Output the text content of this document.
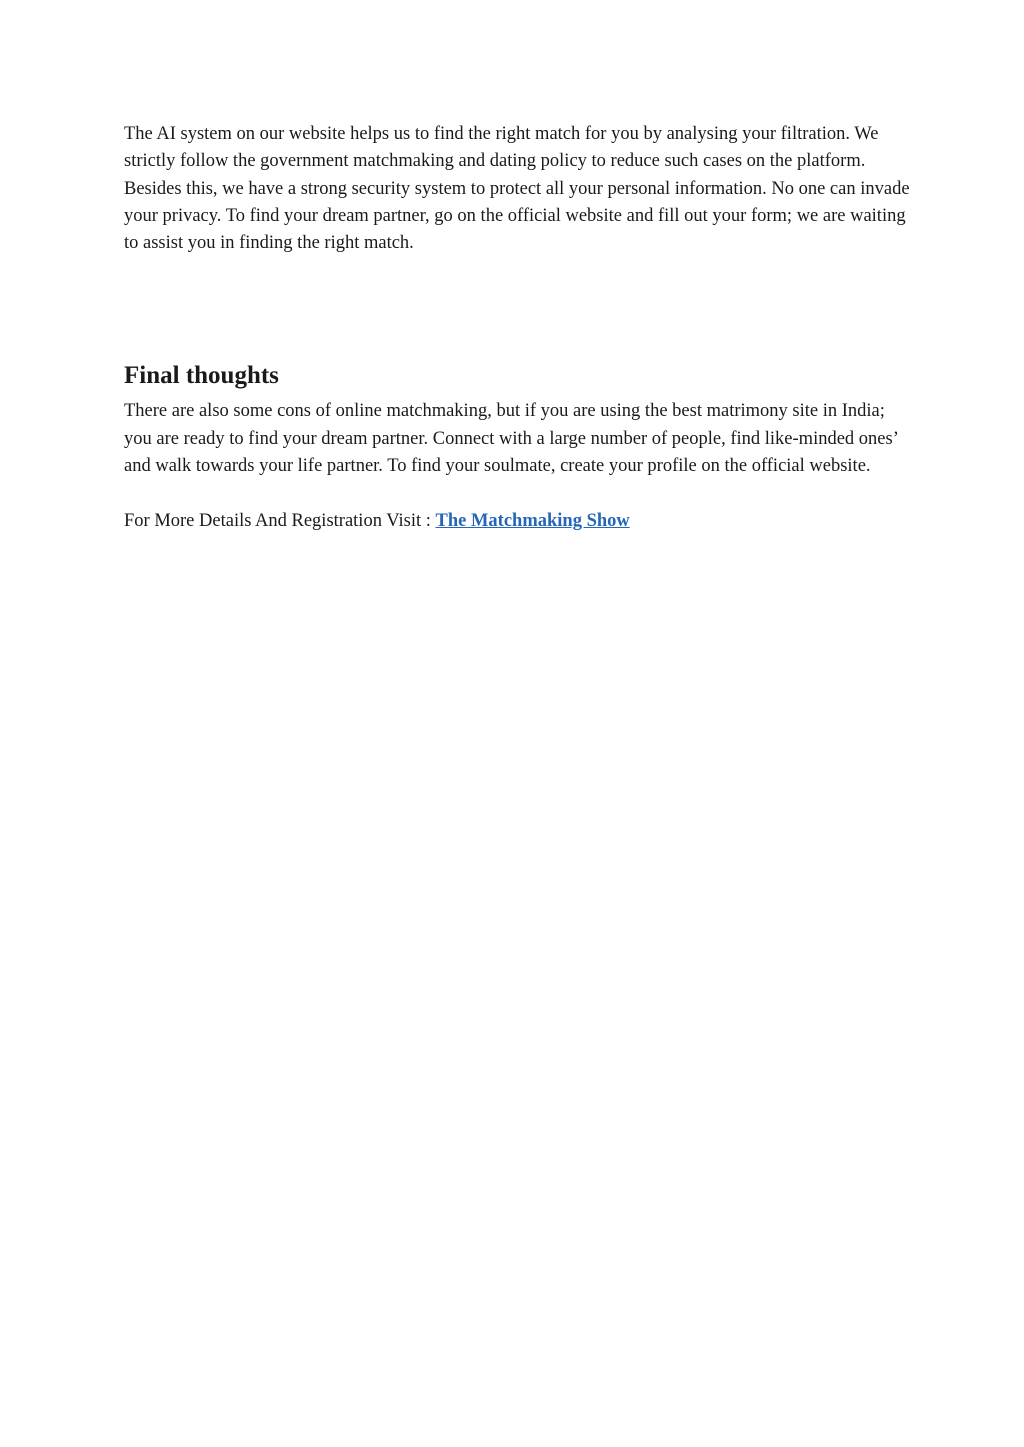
The AI system on our website helps us to find the right match for you by analysing your filtration. We strictly follow the government matchmaking and dating policy to reduce such cases on the platform.

Besides this, we have a strong security system to protect all your personal information. No one can invade your privacy. To find your dream partner, go on the official website and fill out your form; we are waiting to assist you in finding the right match.

Final thoughts

There are also some cons of online matchmaking, but if you are using the best matrimony site in India; you are ready to find your dream partner. Connect with a large number of people, find like-minded ones’ and walk towards your life partner. To find your soulmate, create your profile on the official website.

For More Details And Registration Visit : The Matchmaking Show
